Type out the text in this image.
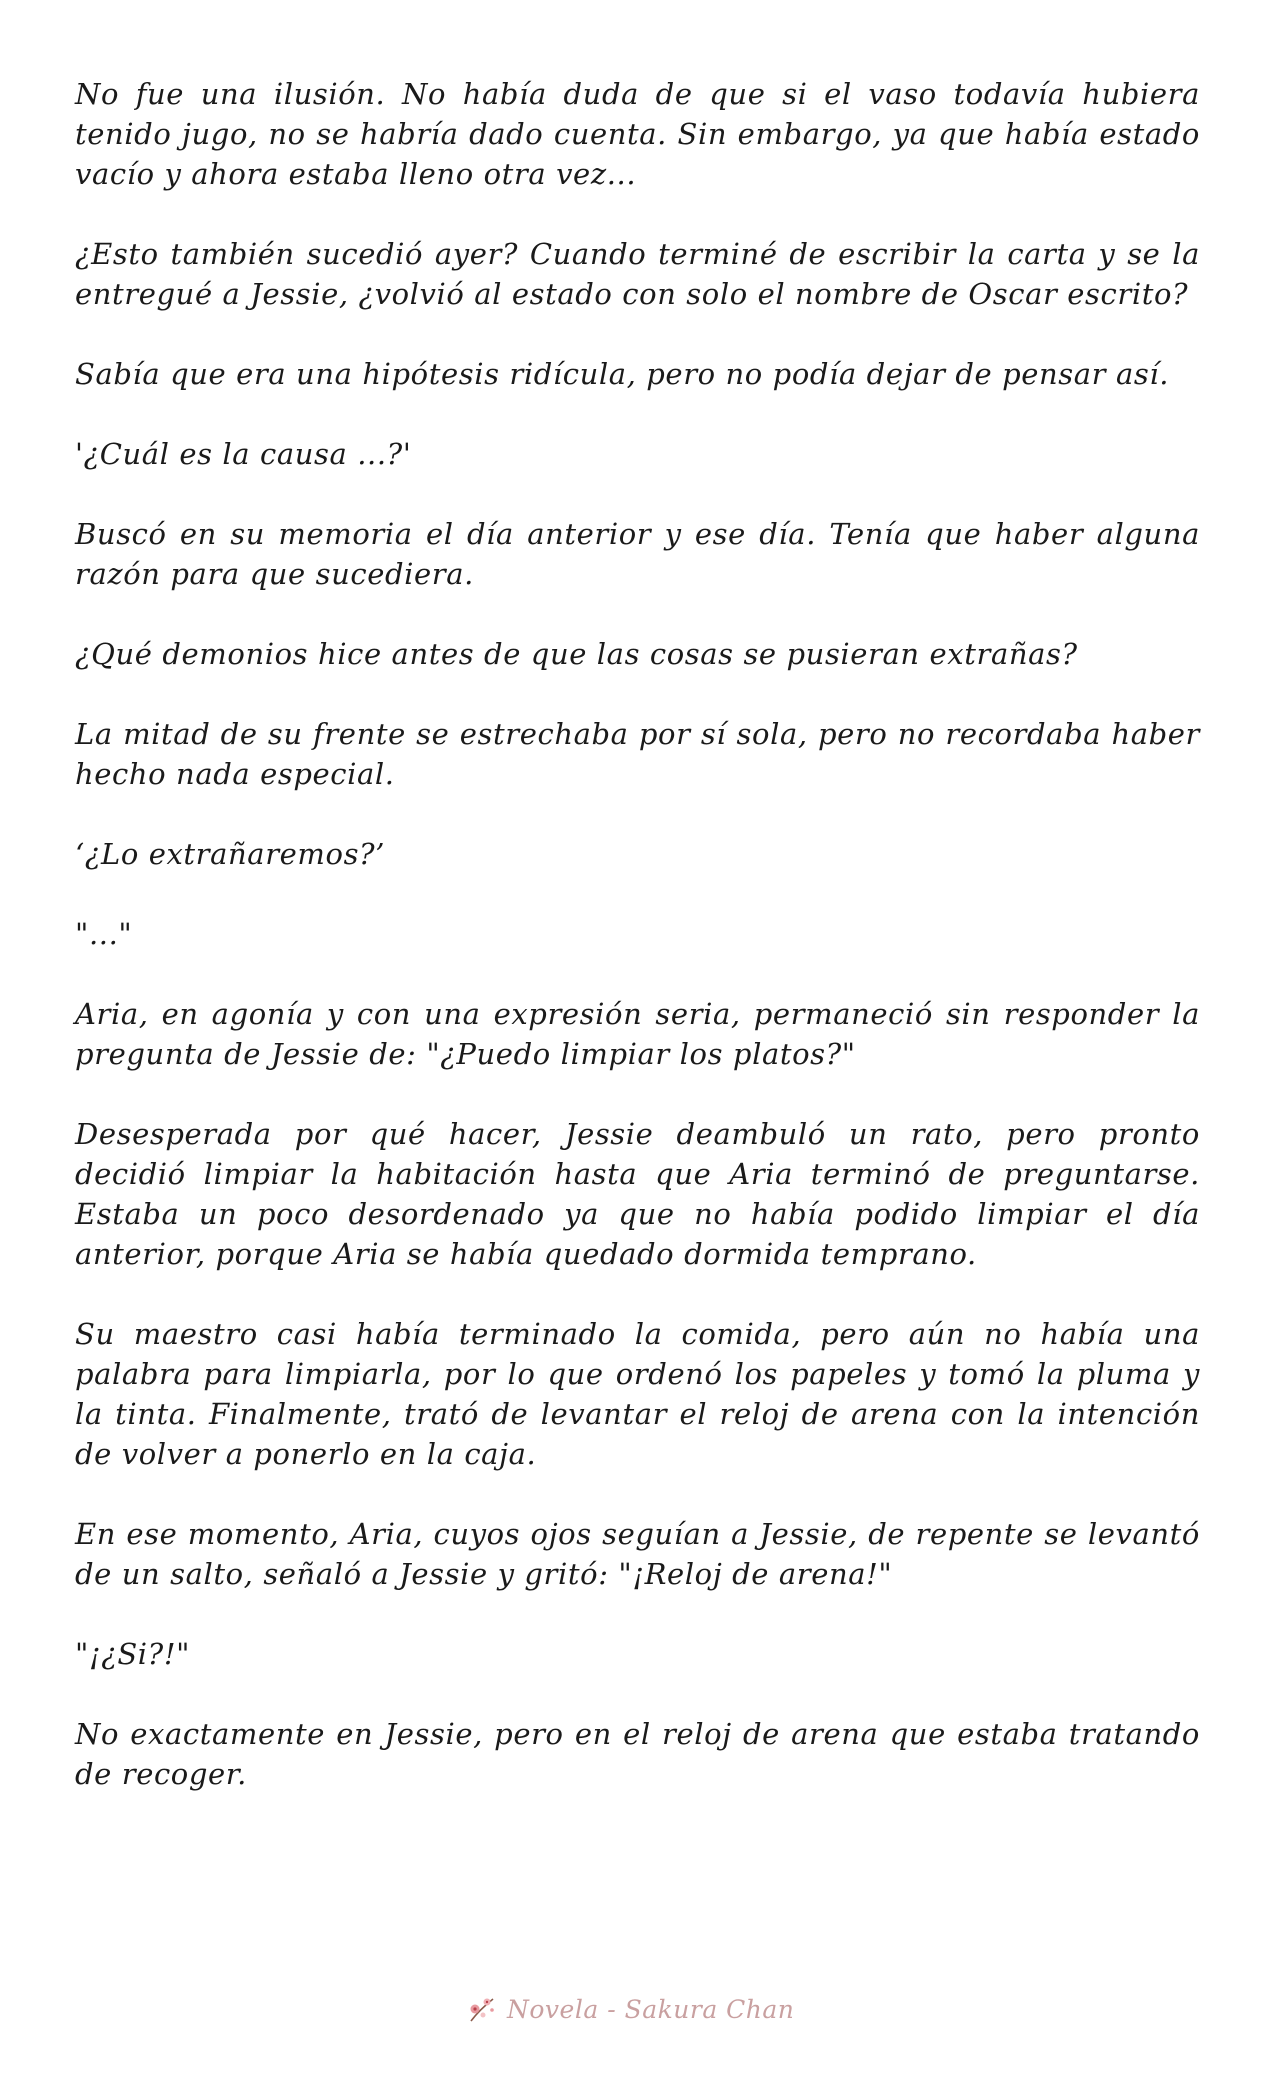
No fue una ilusión. No había duda de que si el vaso todavía hubiera tenido jugo, no se habría dado cuenta. Sin embargo, ya que había estado vacío y ahora estaba lleno otra vez...

¿Esto también sucedió ayer? Cuando terminé de escribir la carta y se la entregué a Jessie, ¿volvió al estado con solo el nombre de Oscar escrito?

Sabía que era una hipótesis ridícula, pero no podía dejar de pensar así.

'¿Cuál es la causa ...?'

Buscó en su memoria el día anterior y ese día. Tenía que haber alguna razón para que sucediera.

¿Qué demonios hice antes de que las cosas se pusieran extrañas?

La mitad de su frente se estrechaba por sí sola, pero no recordaba haber hecho nada especial.

‘¿Lo extrañaremos?’

"..."

Aria, en agonía y con una expresión seria, permaneció sin responder la pregunta de Jessie de: "¿Puedo limpiar los platos?"

Desesperada por qué hacer, Jessie deambuló un rato, pero pronto decidió limpiar la habitación hasta que Aria terminó de preguntarse. Estaba un poco desordenado ya que no había podido limpiar el día anterior, porque Aria se había quedado dormida temprano.

Su maestro casi había terminado la comida, pero aún no había una palabra para limpiarla, por lo que ordenó los papeles y tomó la pluma y la tinta. Finalmente, trató de levantar el reloj de arena con la intención de volver a ponerlo en la caja.

En ese momento, Aria, cuyos ojos seguían a Jessie, de repente se levantó de un salto, señaló a Jessie y gritó: "¡Reloj de arena!"

"¡¿Si?!"

No exactamente en Jessie, pero en el reloj de arena que estaba tratando de recoger.

Novela - Sakura Chan
